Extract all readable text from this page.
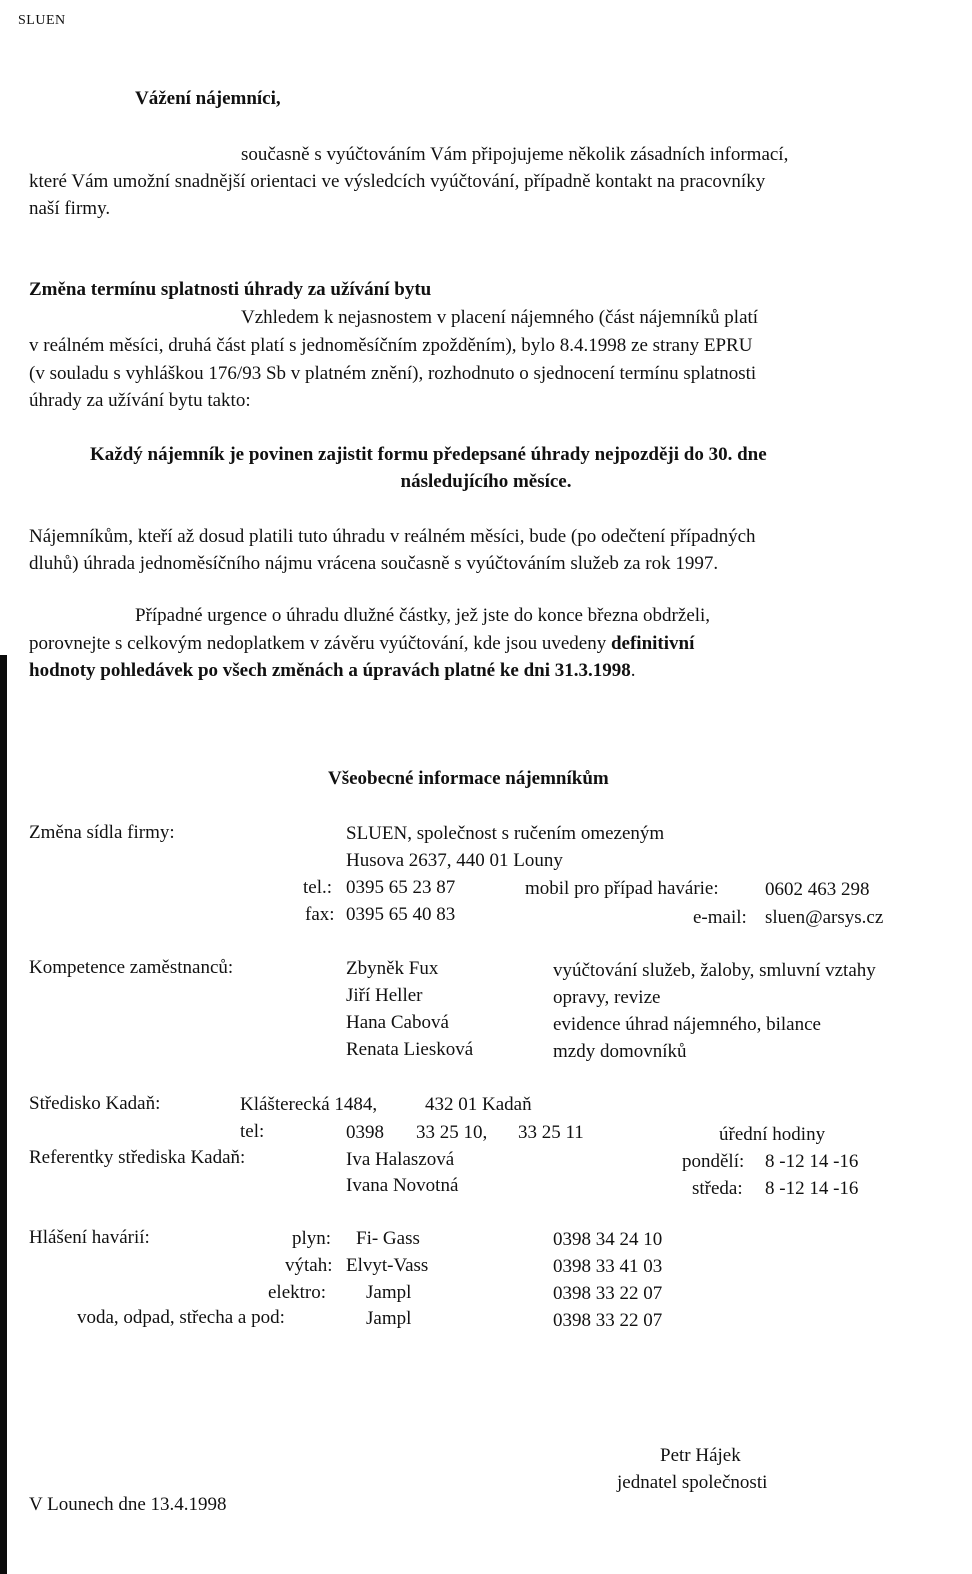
SLUEN
Vážení nájemníci,
současně s vyúčtováním Vám připojujeme několik zásadních informací,
které Vám umožní snadnější orientaci ve výsledcích vyúčtování, případně kontakt na pracovníky
naší firmy.
Změna termínu splatnosti úhrady za užívání bytu
Vzhledem k nejasnostem v placení nájemného (část nájemníků platí
v reálném měsíci, druhá část platí s jednoměsíčním zpožděním), bylo 8.4.1998 ze strany EPRU
(v souladu s vyhláškou 176/93 Sb v platném znění), rozhodnuto o sjednocení termínu splatnosti
úhrady za užívání bytu takto:
Každý nájemník je povinen zajistit formu předepsané úhrady nejpozději do 30. dne
následujícího měsíce.
Nájemníkům, kteří až dosud platili tuto úhradu v reálném měsíci, bude (po odečtení případných
dluhů) úhrada jednoměsíčního nájmu vrácena současně s vyúčtováním služeb za rok 1997.
Případné urgence o úhradu dlužné částky, jež jste do konce března obdrželi,
porovnejte s celkovým nedoplatkem v závěru vyúčtování, kde jsou uvedeny definitivní
hodnoty pohledávek po všech změnách a úpravách platné ke dni 31.3.1998.
Všeobecné informace nájemníkům
Změna sídla firmy:	SLUEN, společnost s ručením omezeným
Husova 2637, 440 01 Louny
tel.: 0395 65 23 87	mobil pro případ havárie: 0602 463 298
fax: 0395 65 40 83	e-mail: sluen@arsys.cz
Kompetence zaměstnanců:	Zbyněk Fux	vyúčtování služeb, žaloby, smluvní vztahy
Jiří Heller	opravy, revize
Hana Cabová	evidence úhrad nájemného, bilance
Renata Liesková	mzdy domovníků
Středisko Kadaň:	Klášterecká 1484,	432 01 Kadaň
tel:	0398 33 25 10, 33 25 11	úřední hodiny
Referentky střediska Kadaň:	Iva Halaszová	pondělí: 8 -12 14 -16
Ivana Novotná	středa: 8 -12 14 -16
Hlášení havárií:	plyn: Fi- Gass	0398 34 24 10
výtah: Elvyt-Vass	0398 33 41 03
elektro: Jampl	0398 33 22 07
voda, odpad, střecha a pod:	Jampl	0398 33 22 07
Petr Hájek
jednatel společnosti
V Lounech dne 13.4.1998
